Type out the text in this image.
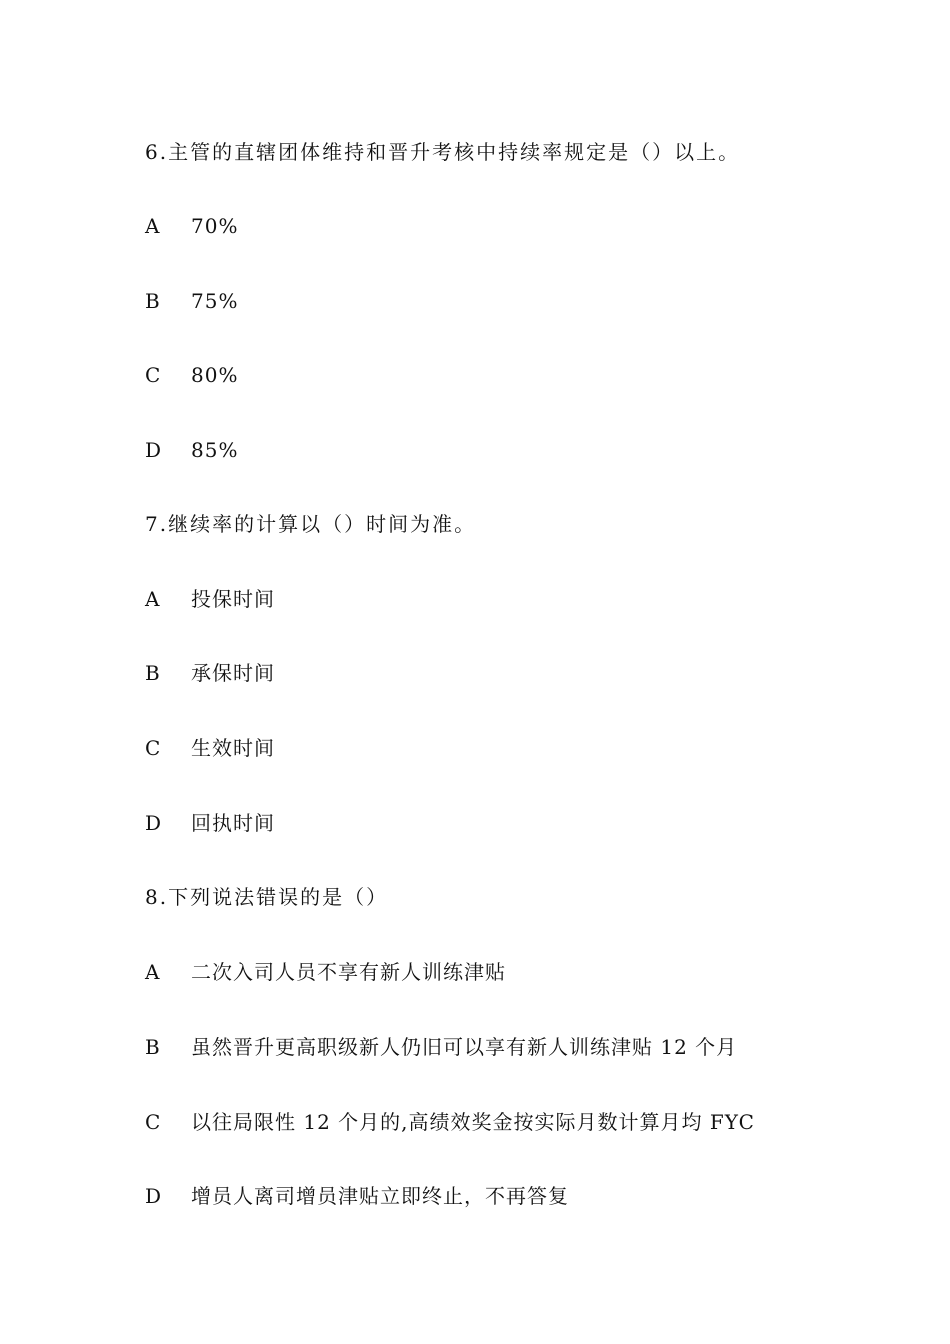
6.主管的直辖团体维持和晋升考核中持续率规定是（）以上。
A 70%
B 75%
C 80%
D 85%
7.继续率的计算以（）时间为准。
A 投保时间
B 承保时间
C 生效时间
D 回执时间
8.下列说法错误的是（）
A 二次入司人员不享有新人训练津贴
B 虽然晋升更高职级新人仍旧可以享有新人训练津贴 12 个月
C 以往局限性 12 个月的,高绩效奖金按实际月数计算月均 FYC
D 增员人离司增员津贴立即终止，不再答复
